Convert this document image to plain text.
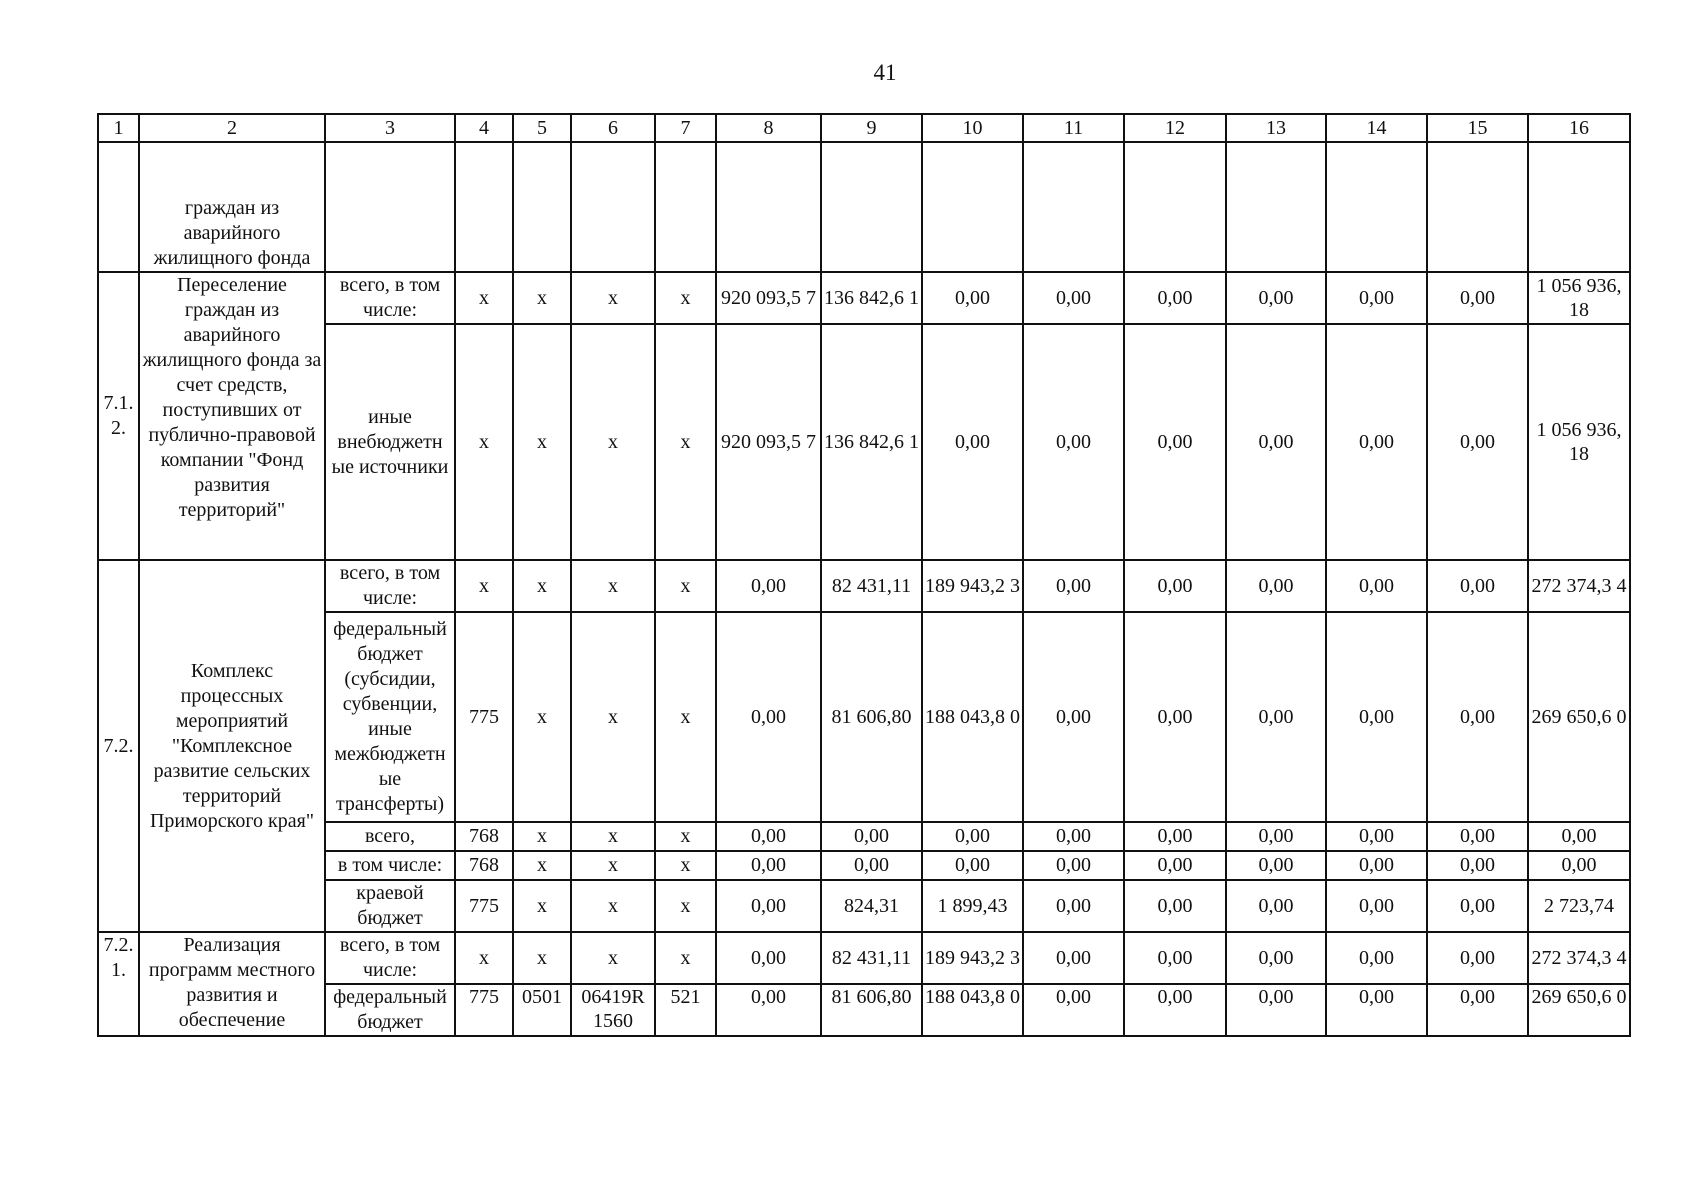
41
1	2	3	4	5	6	7	8	9	10	11	12	13	14	15	16
	граждан из аварийного жилищного фонда														
7.1. 2.	Переселение граждан из аварийного жилищного фонда за счет средств, поступивших от публично-правовой компании "Фонд развития территорий"	всего, в том числе:	x	x	x	x	920 093,5 7	136 842,6 1	0,00	0,00	0,00	0,00	0,00	0,00	1 056 936, 18
		иные внебюджетн ые источники	x	x	x	x	920 093,5 7	136 842,6 1	0,00	0,00	0,00	0,00	0,00	0,00	1 056 936, 18
7.2.	Комплекс процессных мероприятий "Комплексное развитие сельских территорий Приморского края"	всего, в том числе:	x	x	x	x	0,00	82 431,11	189 943,2 3	0,00	0,00	0,00	0,00	0,00	272 374,3 4
		федеральный бюджет (субсидии, субвенции, иные межбюджетн ые трансферты)	775	x	x	x	0,00	81 606,80	188 043,8 0	0,00	0,00	0,00	0,00	0,00	269 650,6 0
		всего,	768	x	x	x	0,00	0,00	0,00	0,00	0,00	0,00	0,00	0,00	0,00
		в том числе:	768	x	x	x	0,00	0,00	0,00	0,00	0,00	0,00	0,00	0,00	0,00
		краевой бюджет	775	x	x	x	0,00	824,31	1 899,43	0,00	0,00	0,00	0,00	0,00	2 723,74
7.2. 1.	Реализация программ местного развития и обеспечение	всего, в том числе:	x	x	x	x	0,00	82 431,11	189 943,2 3	0,00	0,00	0,00	0,00	0,00	272 374,3 4
		федеральный бюджет	775	0501	06419R 1560	521	0,00	81 606,80	188 043,8 0	0,00	0,00	0,00	0,00	0,00	269 650,6 0
